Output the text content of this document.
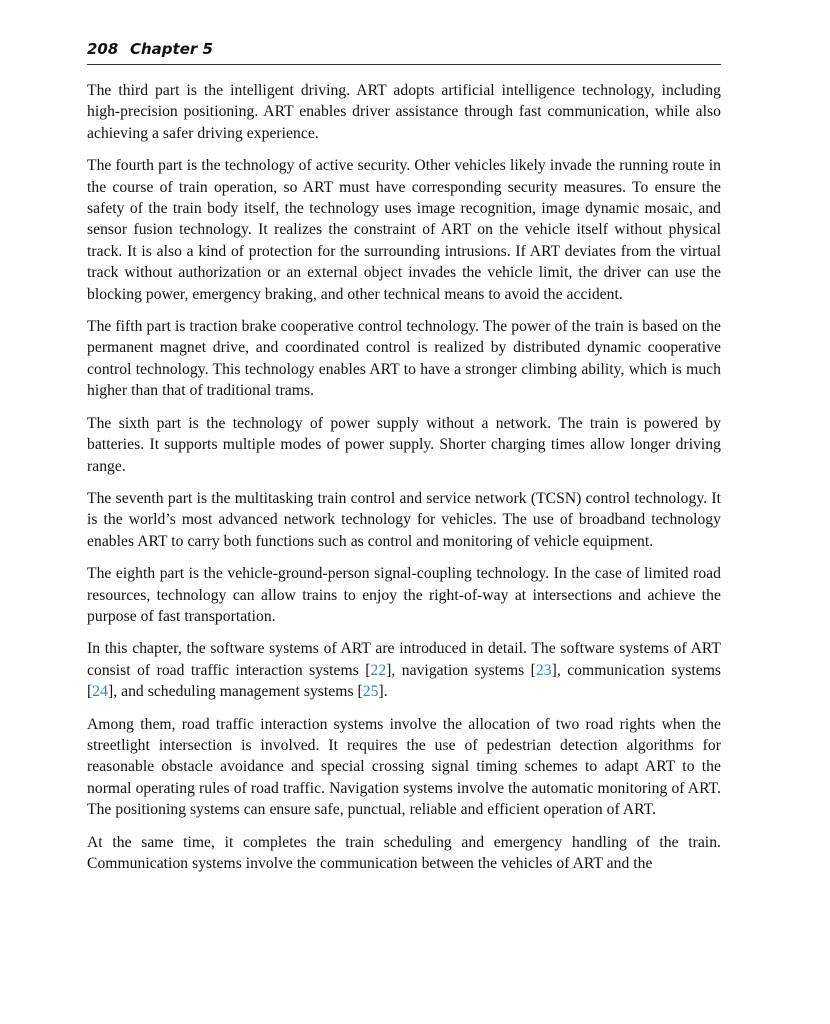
208 Chapter 5

The third part is the intelligent driving. ART adopts artificial intelligence technology, including high-precision positioning. ART enables driver assistance through fast communication, while also achieving a safer driving experience.

The fourth part is the technology of active security. Other vehicles likely invade the running route in the course of train operation, so ART must have corresponding security measures. To ensure the safety of the train body itself, the technology uses image recognition, image dynamic mosaic, and sensor fusion technology. It realizes the constraint of ART on the vehicle itself without physical track. It is also a kind of protection for the surrounding intrusions. If ART deviates from the virtual track without authorization or an external object invades the vehicle limit, the driver can use the blocking power, emergency braking, and other technical means to avoid the accident.

The fifth part is traction brake cooperative control technology. The power of the train is based on the permanent magnet drive, and coordinated control is realized by distributed dynamic cooperative control technology. This technology enables ART to have a stronger climbing ability, which is much higher than that of traditional trams.

The sixth part is the technology of power supply without a network. The train is powered by batteries. It supports multiple modes of power supply. Shorter charging times allow longer driving range.

The seventh part is the multitasking train control and service network (TCSN) control technology. It is the world’s most advanced network technology for vehicles. The use of broadband technology enables ART to carry both functions such as control and monitoring of vehicle equipment.

The eighth part is the vehicle-ground-person signal-coupling technology. In the case of limited road resources, technology can allow trains to enjoy the right-of-way at intersections and achieve the purpose of fast transportation.

In this chapter, the software systems of ART are introduced in detail. The software systems of ART consist of road traffic interaction systems [22], navigation systems [23], communication systems [24], and scheduling management systems [25].

Among them, road traffic interaction systems involve the allocation of two road rights when the streetlight intersection is involved. It requires the use of pedestrian detection algorithms for reasonable obstacle avoidance and special crossing signal timing schemes to adapt ART to the normal operating rules of road traffic. Navigation systems involve the automatic monitoring of ART. The positioning systems can ensure safe, punctual, reliable and efficient operation of ART.

At the same time, it completes the train scheduling and emergency handling of the train. Communication systems involve the communication between the vehicles of ART and the
